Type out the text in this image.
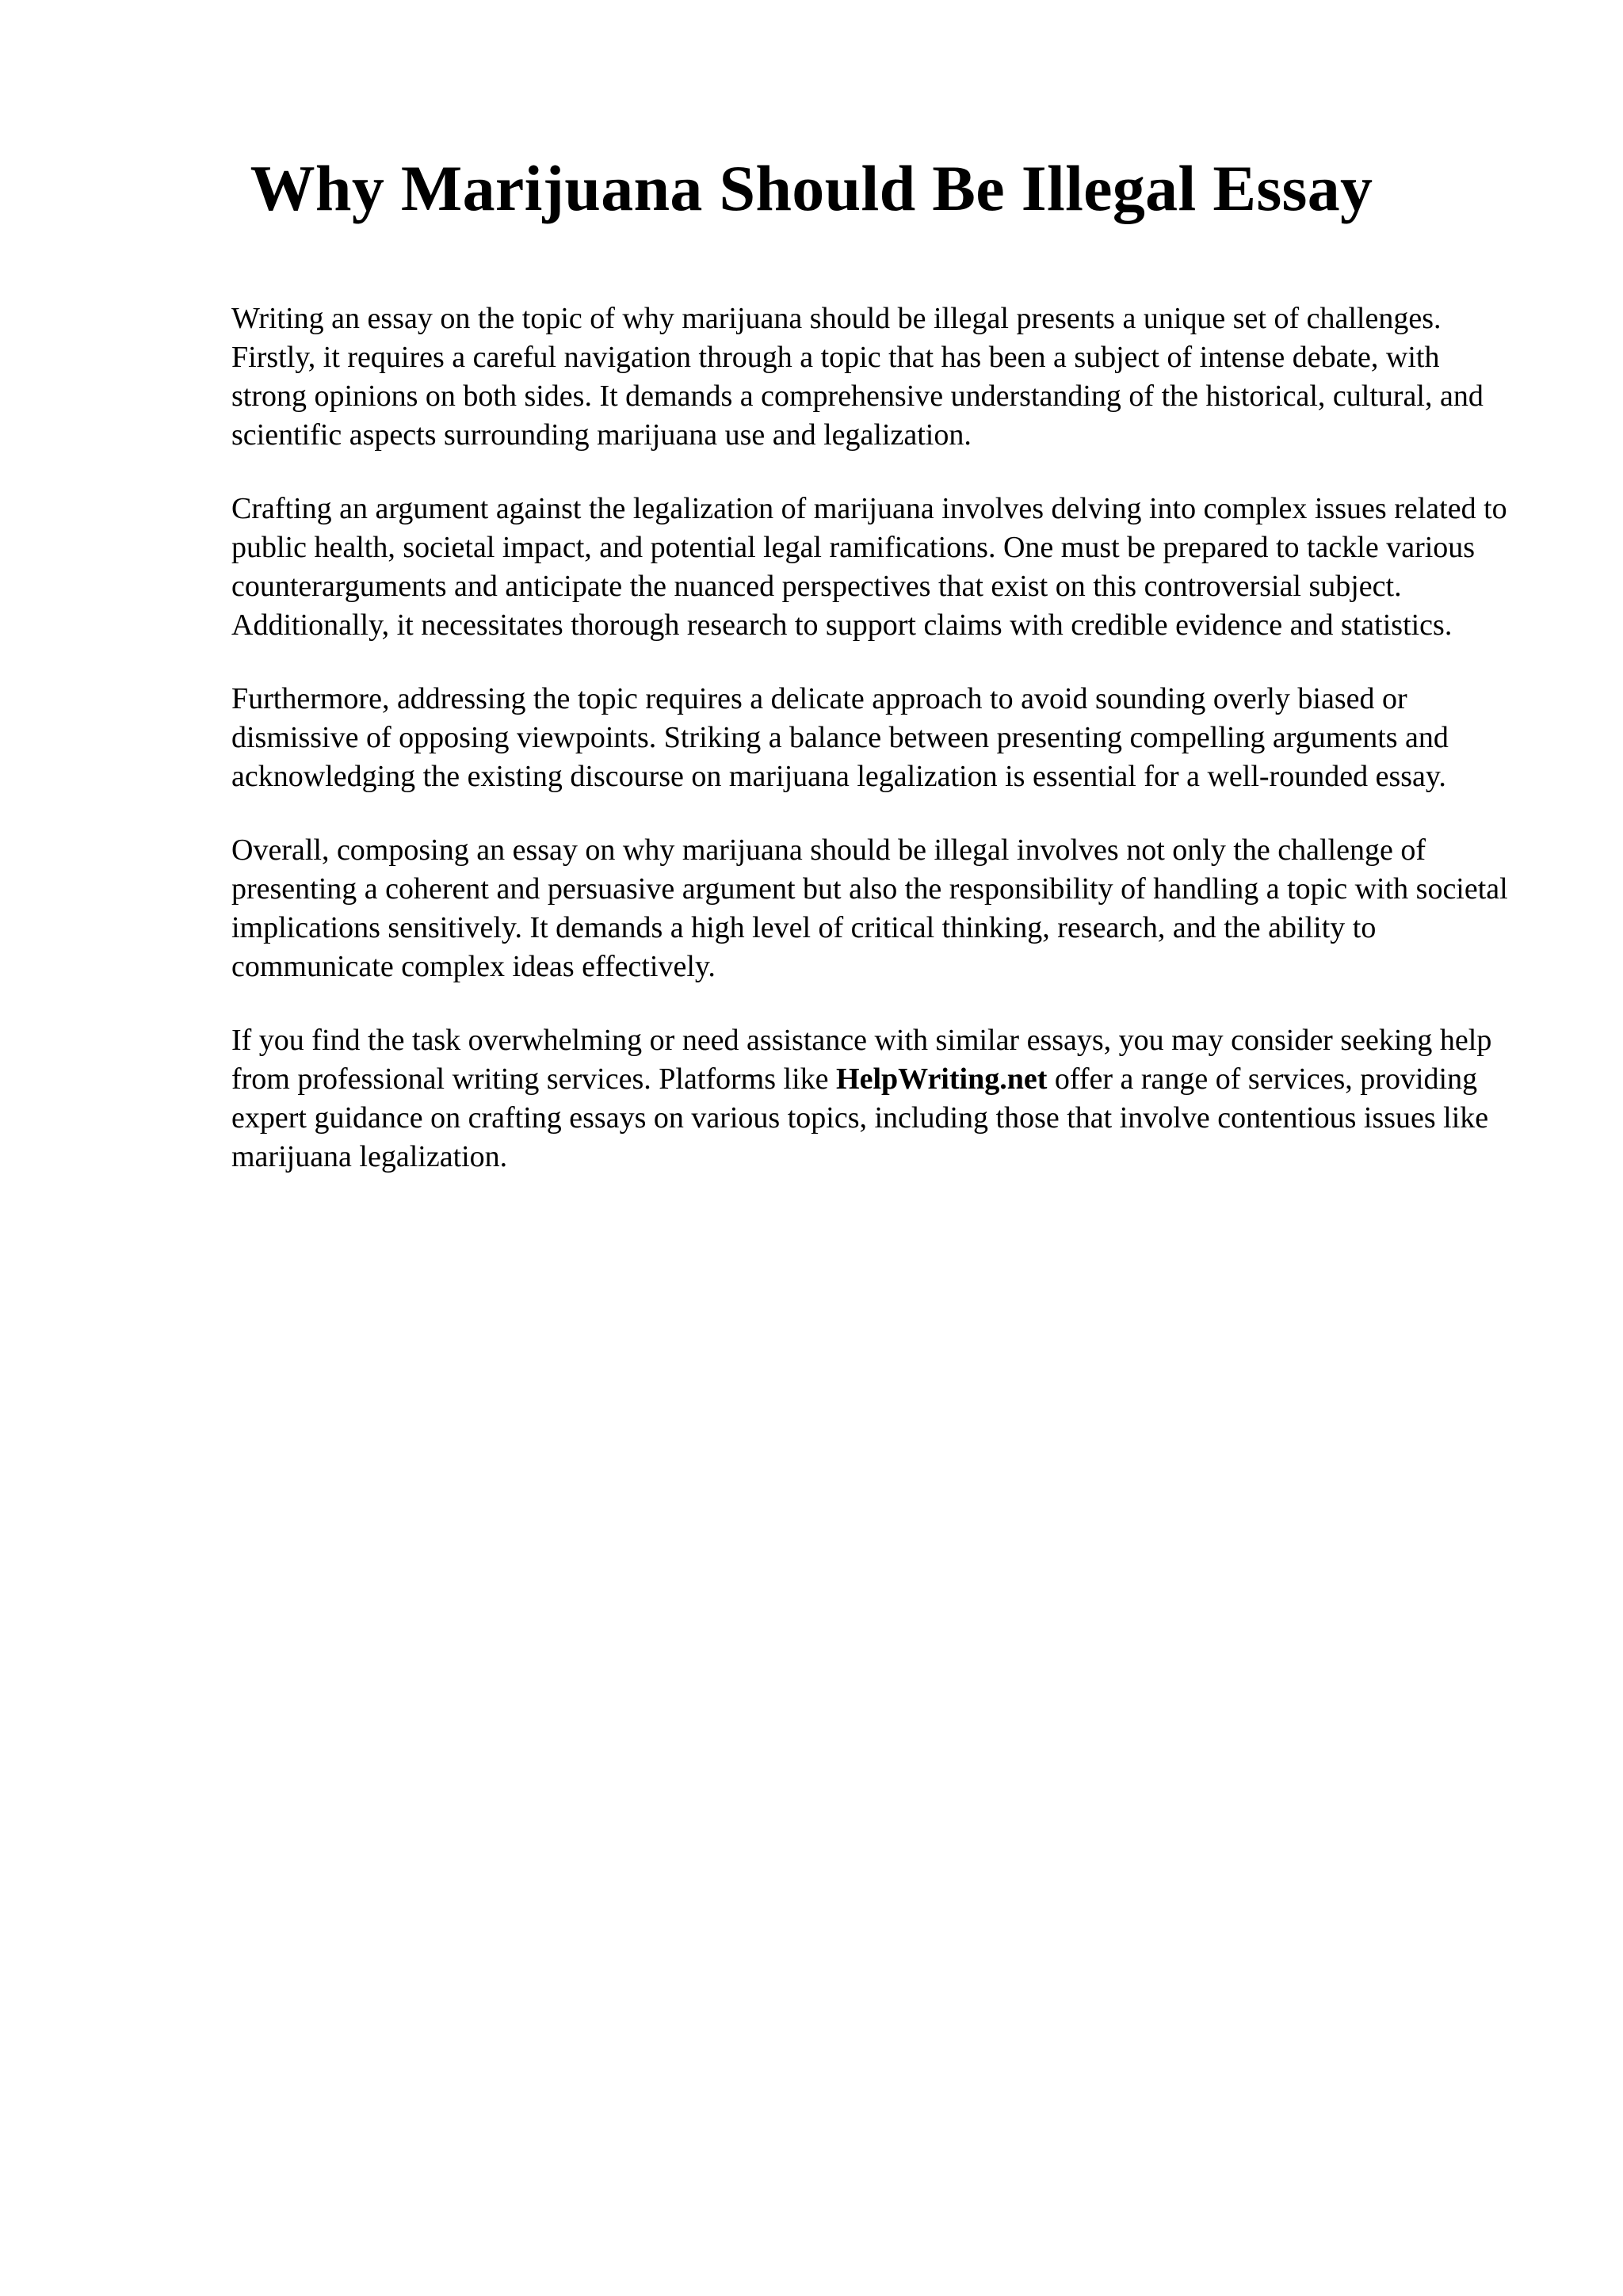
Why Marijuana Should Be Illegal Essay

Writing an essay on the topic of why marijuana should be illegal presents a unique set of challenges. Firstly, it requires a careful navigation through a topic that has been a subject of intense debate, with strong opinions on both sides. It demands a comprehensive understanding of the historical, cultural, and scientific aspects surrounding marijuana use and legalization.

Crafting an argument against the legalization of marijuana involves delving into complex issues related to public health, societal impact, and potential legal ramifications. One must be prepared to tackle various counterarguments and anticipate the nuanced perspectives that exist on this controversial subject. Additionally, it necessitates thorough research to support claims with credible evidence and statistics.

Furthermore, addressing the topic requires a delicate approach to avoid sounding overly biased or dismissive of opposing viewpoints. Striking a balance between presenting compelling arguments and acknowledging the existing discourse on marijuana legalization is essential for a well-rounded essay.

Overall, composing an essay on why marijuana should be illegal involves not only the challenge of presenting a coherent and persuasive argument but also the responsibility of handling a topic with societal implications sensitively. It demands a high level of critical thinking, research, and the ability to communicate complex ideas effectively.

If you find the task overwhelming or need assistance with similar essays, you may consider seeking help from professional writing services. Platforms like HelpWriting.net offer a range of services, providing expert guidance on crafting essays on various topics, including those that involve contentious issues like marijuana legalization.
